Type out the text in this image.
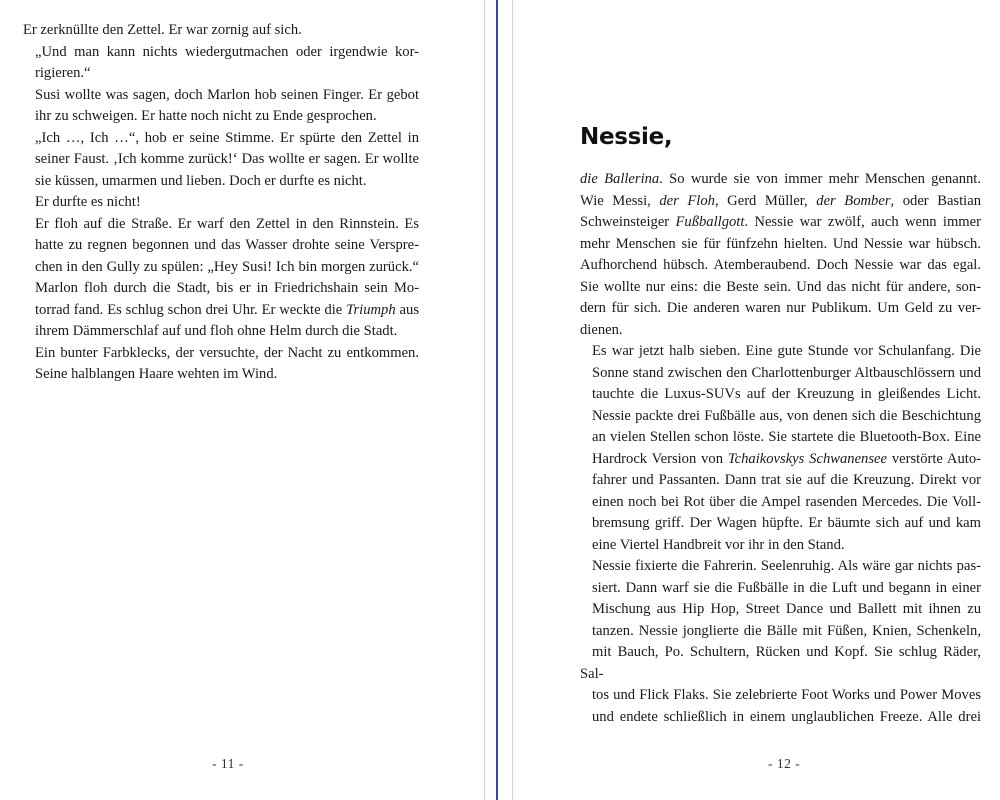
Er zerknüllte den Zettel. Er war zornig auf sich.

„Und man kann nichts wiedergutmachen oder irgendwie kor-
rigieren.“

Susi wollte was sagen, doch Marlon hob seinen Finger. Er gebot
ihr zu schweigen. Er hatte noch nicht zu Ende gesprochen.

„Ich …, Ich …“, hob er seine Stimme. Er spürte den Zettel in
seiner Faust. ‚Ich komme zurück!‘ Das wollte er sagen. Er wollte
sie küssen, umarmen und lieben. Doch er durfte es nicht.

Er durfte es nicht!

Er floh auf die Straße. Er warf den Zettel in den Rinnstein. Es
hatte zu regnen begonnen und das Wasser drohte seine Verspre-
chen in den Gully zu spülen: „Hey Susi! Ich bin morgen zurück.“

Marlon floh durch die Stadt, bis er in Friedrichshain sein Mo-
torrad fand. Es schlug schon drei Uhr. Er weckte die Triumph aus
ihrem Dämmerschlaf auf und floh ohne Helm durch die Stadt.

Ein bunter Farbklecks, der versuchte, der Nacht zu entkommen.
Seine halblangen Haare wehten im Wind.

- 11 -
Nessie,

die Ballerina. So wurde sie von immer mehr Menschen genannt.
Wie Messi, der Floh, Gerd Müller, der Bomber, oder Bastian
Schweinsteiger Fußballgott. Nessie war zwölf, auch wenn immer
mehr Menschen sie für fünfzehn hielten. Und Nessie war hübsch.
Aufhorchend hübsch. Atemberaubend. Doch Nessie war das egal.
Sie wollte nur eins: die Beste sein. Und das nicht für andere, son-
dern für sich. Die anderen waren nur Publikum. Um Geld zu ver-
dienen.

Es war jetzt halb sieben. Eine gute Stunde vor Schulanfang. Die
Sonne stand zwischen den Charlottenburger Altbauschlössern und
tauchte die Luxus-SUVs auf der Kreuzung in gleißendes Licht.
Nessie packte drei Fußbälle aus, von denen sich die Beschichtung
an vielen Stellen schon löste. Sie startete die Bluetooth-Box. Eine
Hardrock Version von Tchaikovskys Schwanensee verstörte Auto-
fahrer und Passanten. Dann trat sie auf die Kreuzung. Direkt vor
einen noch bei Rot über die Ampel rasenden Mercedes. Die Voll-
bremsung griff. Der Wagen hüpfte. Er bäumte sich auf und kam
eine Viertel Handbreit vor ihr in den Stand.

Nessie fixierte die Fahrerin. Seelenruhig. Als wäre gar nichts pas-
siert. Dann warf sie die Fußbälle in die Luft und begann in einer
Mischung aus Hip Hop, Street Dance und Ballett mit ihnen zu
tanzen. Nessie jonglierte die Bälle mit Füßen, Knien, Schenkeln,
mit Bauch, Po. Schultern, Rücken und Kopf. Sie schlug Räder, Sal-
tos und Flick Flaks. Sie zelebrierte Foot Works und Power Moves
und endete schließlich in einem unglaublichen Freeze. Alle drei

- 12 -
